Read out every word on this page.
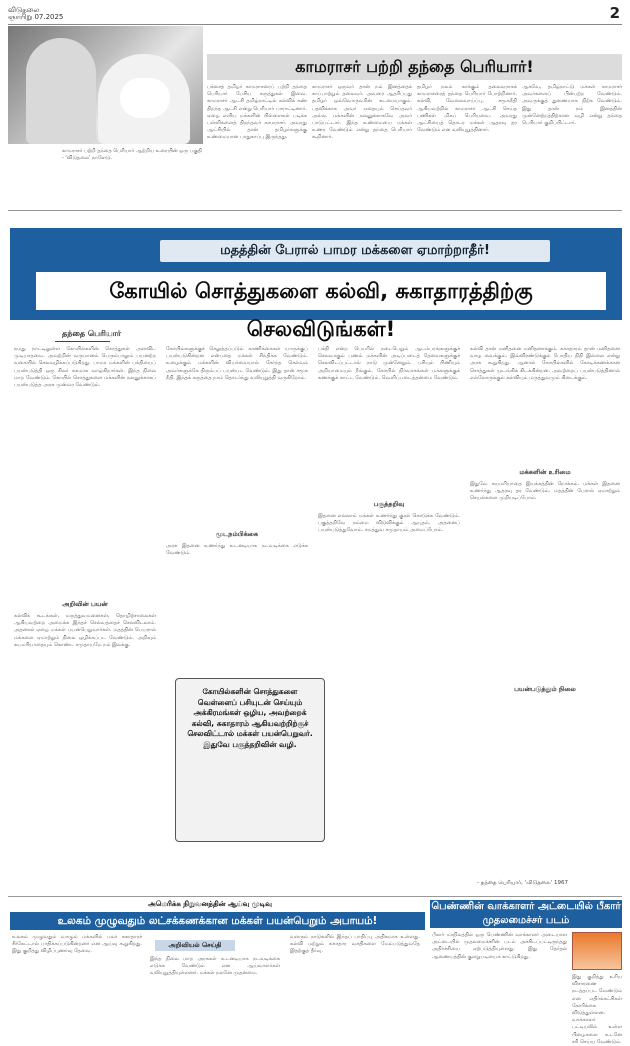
விடுதலை
ஞாயிறு 07.2025	2
காமராசர் பற்றி தந்தை பெரியார்!
பச்சைத் தமிழர் காமராசரைப் பற்றி தந்தை பெரியார் பேசிய கருத்துகள் இவை. காமராசர் ஆட்சி தமிழ்நாட்டில் கல்விக் கண் திறந்த ஆட்சி என்று பெரியார் பாராட்டினார். ஏழை எளிய மக்களின் பிள்ளைகள் படிக்க பள்ளிகளைத் திறந்தவர் காமராசர். அவரது ஆட்சியில் தான் தமிழர்களுக்கு உண்மையான பாதுகாப்பு இருந்தது.
காமராசர் ஒருவர் தான் நம் இனத்தைக் காப்பாற்றும் தலைவர். அவரை ஆதரிப்பது தமிழர் ஒவ்வொருவரின் கடமையாகும். பதவிக்காக அவர் எதையும் செய்தவர் அல்ல. மக்களின் நலனுக்காகவே அவர் பாடுபட்டார். இந்த உண்மையை மக்கள் உணர வேண்டும் என்று தந்தை பெரியார் கூறினார்.
தமிழர் நலம் காக்கும் தலைவராகக் காமராசரைத் தந்தை பெரியார் போற்றினார். கல்வி, வேலைவாய்ப்பு, சமூகநீதி ஆகியவற்றில் காமராசர் ஆட்சி செய்த பணிகள் மிகப் பெரியவை. அவரது ஆட்சியைத் தொடர மக்கள் ஆதரவு தர வேண்டும் என வலியுறுத்தினார்.
ஆகவே, தமிழ்நாட்டு மக்கள் காமராசர் அவர்களைப் பின்பற்ற வேண்டும். அவருக்குத் துணையாக நிற்க வேண்டும். இது தான் நம் இனத்தின் முன்னேற்றத்திற்கான வழி என்று தந்தை பெரியார் குறிப்பிட்டார்.
காமராசர் பற்றி தந்தை பெரியார் ஆற்றிய உரையின் ஒரு பகுதி - 'விடுதலை' நாளேடு.
மதத்தின் பேரால் பாமர மக்களை ஏமாற்றாதீர்!
கோயில் சொத்துகளை கல்வி, சுகாதாரத்திற்கு செலவிடுங்கள்!
தந்தை பெரியார்
நமது நாட்டிலுள்ள கோயில்களின் சொத்துகள் அளவிட முடியாதவை. அவற்றின் வருமானம் பெரும்பாலும் பயனற்ற வகையில் செலவழிக்கப்படுகிறது. பாமர மக்களின் பக்தியைப் பயன்படுத்தி ஒரு சிலர் சுகமாக வாழ்கிறார்கள். இந்த நிலை மாற வேண்டும். கோயில் சொத்துகளை மக்களின் நலனுக்காகப் பயன்படுத்த அரசு முன்வர வேண்டும்.
அறிவின் பயன்
கல்விக் கூடங்கள், மருத்துவமனைகள், தொழிற்சாலைகள் ஆகியவற்றை அமைக்க இந்தச் செல்வத்தைச் செலவிடலாம். அதனால் ஏழை மக்கள் பயன்பெறுவார்கள். மதத்தின் பெயரால் மக்களை ஏமாற்றும் நிலை ஒழிக்கப்பட வேண்டும். அறிவும் சுயமரியாதையும் கொண்ட சமுதாயமே நம் இலக்கு.
கோயில்களுக்குச் செலுத்தப்படும் காணிக்கைகள் யாருக்குப் பயன்படுகின்றன என்பதை மக்கள் சிந்திக்க வேண்டும். உழைக்கும் மக்களின் வியர்வையால் சேர்ந்த செல்வம் அவர்களுக்கே திரும்பப் பயன்பட வேண்டும். இது தான் சமூக நீதி. இந்தக் கருத்தை நாம் தொடர்ந்து வலியுறுத்தி வருகிறோம்.
மூடநம்பிக்கை
அரசு இதனை உணர்ந்து உடனடியாக நடவடிக்கை எடுக்க வேண்டும்.
பக்தி என்ற பெயரில் நடைபெறும் ஆடம்பரங்களுக்குச் செலவாகும் பணம் மக்களின் அடிப்படைத் தேவைகளுக்குச் செலவிடப்பட்டால் நாடு முன்னேறும். பசியும் பிணியும் அறியாமையும் நீங்கும். கோயில் நிர்வாகங்கள் மக்களுக்குக் கணக்குக் காட்ட வேண்டும். வெளிப்படைத்தன்மை வேண்டும்.
பகுத்தறிவு
இதனை எல்லாம் மக்கள் உணர்ந்து குரல் கொடுக்க வேண்டும். பகுத்தறிவே நம்மை விடுவிக்கும் ஆயுதம். அதனைப் பயன்படுத்துவோம். சமத்துவ சமுதாயம் அமைப்போம்.
கல்வி தான் மனிதனை மனிதனாக்கும். சுகாதாரம் தான் மனிதனை வாழ வைக்கும். இவ்விரண்டுக்கும் போதிய நிதி இல்லை என்று அரசு கூறுகிறது. ஆனால் கோயில்களில் கோடிக்கணக்கான சொத்துகள் முடங்கிக் கிடக்கின்றன. அவற்றைப் பயன்படுத்தினால் எல்லோருக்கும் கல்வியும் மருத்துவமும் கிடைக்கும்.
மக்களின் உரிமை
இதுவே சுயமரியாதை இயக்கத்தின் நோக்கம். மக்கள் இதனை உணர்ந்து ஆதரவு தர வேண்டும். மதத்தின் பேரால் ஏமாற்றும் செயல்களை முறியடிப்போம்.
பயன்படுத்தும் நிலை
கோயில்களின் சொத்துகளை வெள்ளைப் பசியுடன் செய்யும் அக்கிரமங்கள் ஒழிய, அவற்றைக் கல்வி, சுகாதாரம் ஆகியவற்றிற்குச் செலவிட்டால் மக்கள் பயன்பெறுவர். இதுவே பகுத்தறிவின் வழி.
- தந்தை பெரியார், 'விடுதலை' 1967
அமெரிக்க நிறுவனத்தின் ஆய்வு முடிவு
உலகம் முழுவதும் லட்சக்கணக்கான மக்கள் பயன்பெறும் அபாயம்!
உலகம் முழுவதும் வாழும் மக்களில் பலர் சுகாதாரச் சீர்கேட்டால் பாதிக்கப்படுகின்றனர் என ஆய்வு கூறுகிறது. இது குறித்து விழிப்புணர்வு தேவை.
அறிவியல் செய்தி
இந்த நிலை மாற அரசுகள் உடனடியாக நடவடிக்கை எடுக்க வேண்டும் என ஆய்வாளர்கள் வலியுறுத்தியுள்ளனர். மக்கள் நலனே முதன்மை.
வளரும் நாடுகளில் இந்தப் பாதிப்பு அதிகமாக உள்ளது. கல்வி மற்றும் சுகாதார வசதிகளை மேம்படுத்துவதே இதற்குத் தீர்வு.
பெண்ணின் வாக்காளர் அட்டையில் பீகார் முதலமைச்சர் படம்
பீகார் மாநிலத்தில் ஒரு பெண்ணின் வாக்காளர் அடையாள அட்டையில் முதலமைச்சரின் படம் அச்சிடப்பட்டிருந்தது அதிர்ச்சியை ஏற்படுத்தியுள்ளது. இது தேர்தல் ஆணையத்தின் குளறுபடியைக் காட்டுகிறது.
இது குறித்து உரிய விசாரணை நடத்தப்பட வேண்டும் என எதிர்க்கட்சிகள் கோரிக்கை விடுத்துள்ளன. வாக்காளர் பட்டியலில் உள்ள பிழைகளை உடனே சரி செய்ய வேண்டும்.
